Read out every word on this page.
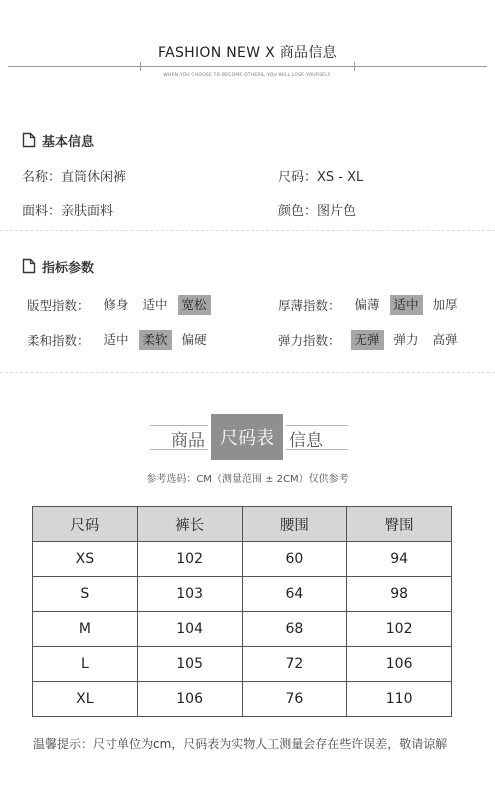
FASHION NEW X 商品信息
WHEN YOU CHOOSE TO BECOME OTHERS, YOU WILL LOSE YOURSELF.
基本信息
名称：直筒休闲裤	尺码：XS - XL
面料：亲肤面料	颜色：图片色
指标参数
版型指数：	修身	适中	宽松	厚薄指数：	偏薄	适中	加厚
柔和指数：	适中	柔软	偏硬	弹力指数：	无弹	弹力	高弹
商品 尺码表 信息
参考选码：CM（测量范围 ± 2CM）仅供参考
尺码	裤长	腰围	臀围
XS	102	60	94
S	103	64	98
M	104	68	102
L	105	72	106
XL	106	76	110
温馨提示：尺寸单位为cm，尺码表为实物人工测量会存在些许误差，敬请谅解
